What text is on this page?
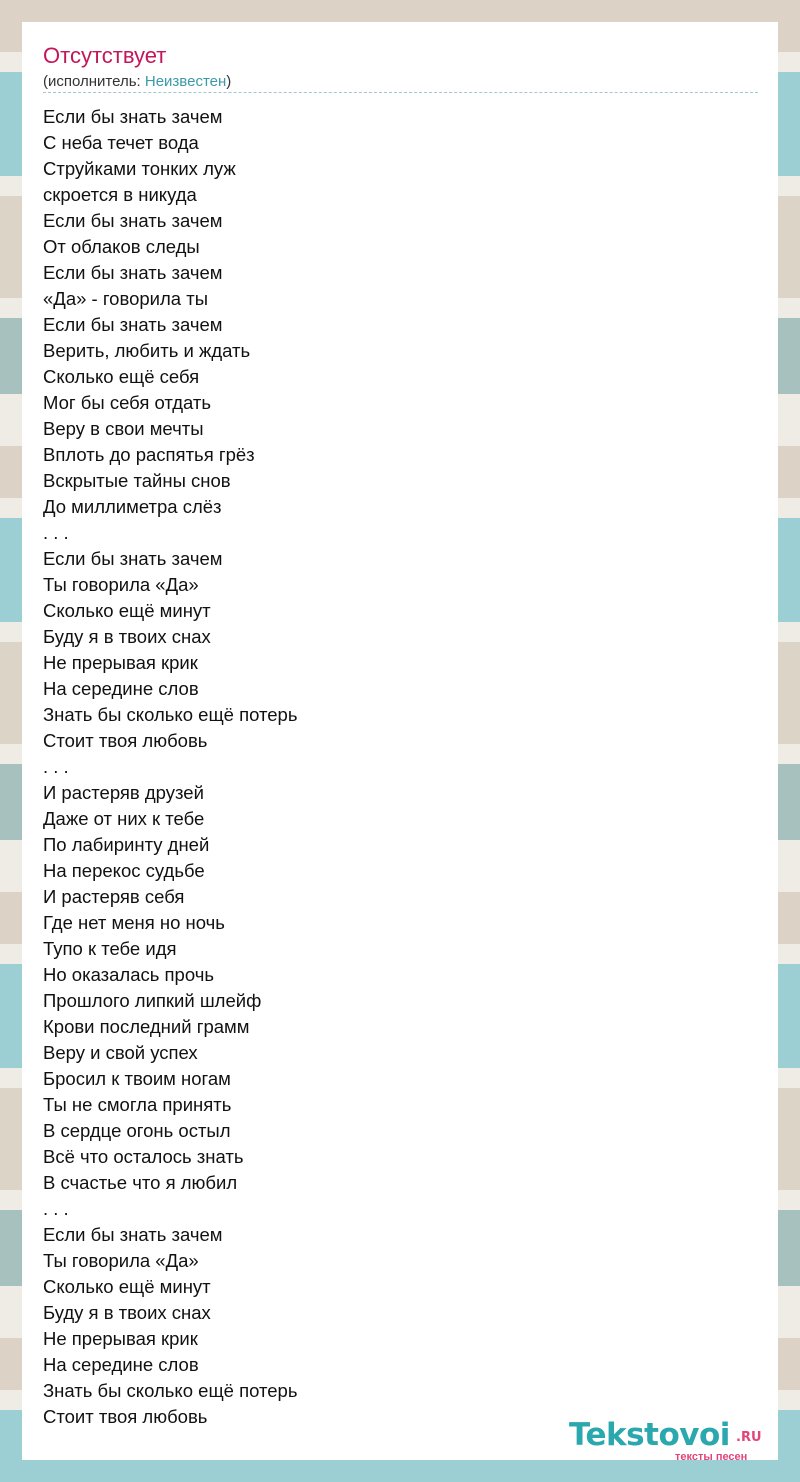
Отсутствует
(исполнитель: Неизвестен)
Если бы знать зачем
С неба течет вода
Струйками тонких луж
скроется в никуда
Если бы знать зачем
От облаков следы
Если бы знать зачем
«Да» - говорила ты
Если бы знать зачем
Верить, любить и ждать
Сколько ещё себя
Мог бы себя отдать
Веру в свои мечты
Вплоть до распятья грёз
Вскрытые тайны снов
До миллиметра слёз
. . .
Если бы знать зачем
Ты говорила «Да»
Сколько ещё минут
Буду я в твоих снах
Не прерывая крик
На середине слов
Знать бы сколько ещё потерь
Стоит твоя любовь
. . .
И растеряв друзей
Даже от них к тебе
По лабиринту дней
На перекос судьбе
И растеряв себя
Где нет меня но ночь
Тупо к тебе идя
Но оказалась прочь
Прошлого липкий шлейф
Крови последний грамм
Веру и свой успех
Бросил к твоим ногам
Ты не смогла принять
В сердце огонь остыл
Всё что осталось знать
В счастье что я любил
. . .
Если бы знать зачем
Ты говорила «Да»
Сколько ещё минут
Буду я в твоих снах
Не прерывая крик
На середине слов
Знать бы сколько ещё потерь
Стоит твоя любовь
Tekstovoi .RU
тексты песен
